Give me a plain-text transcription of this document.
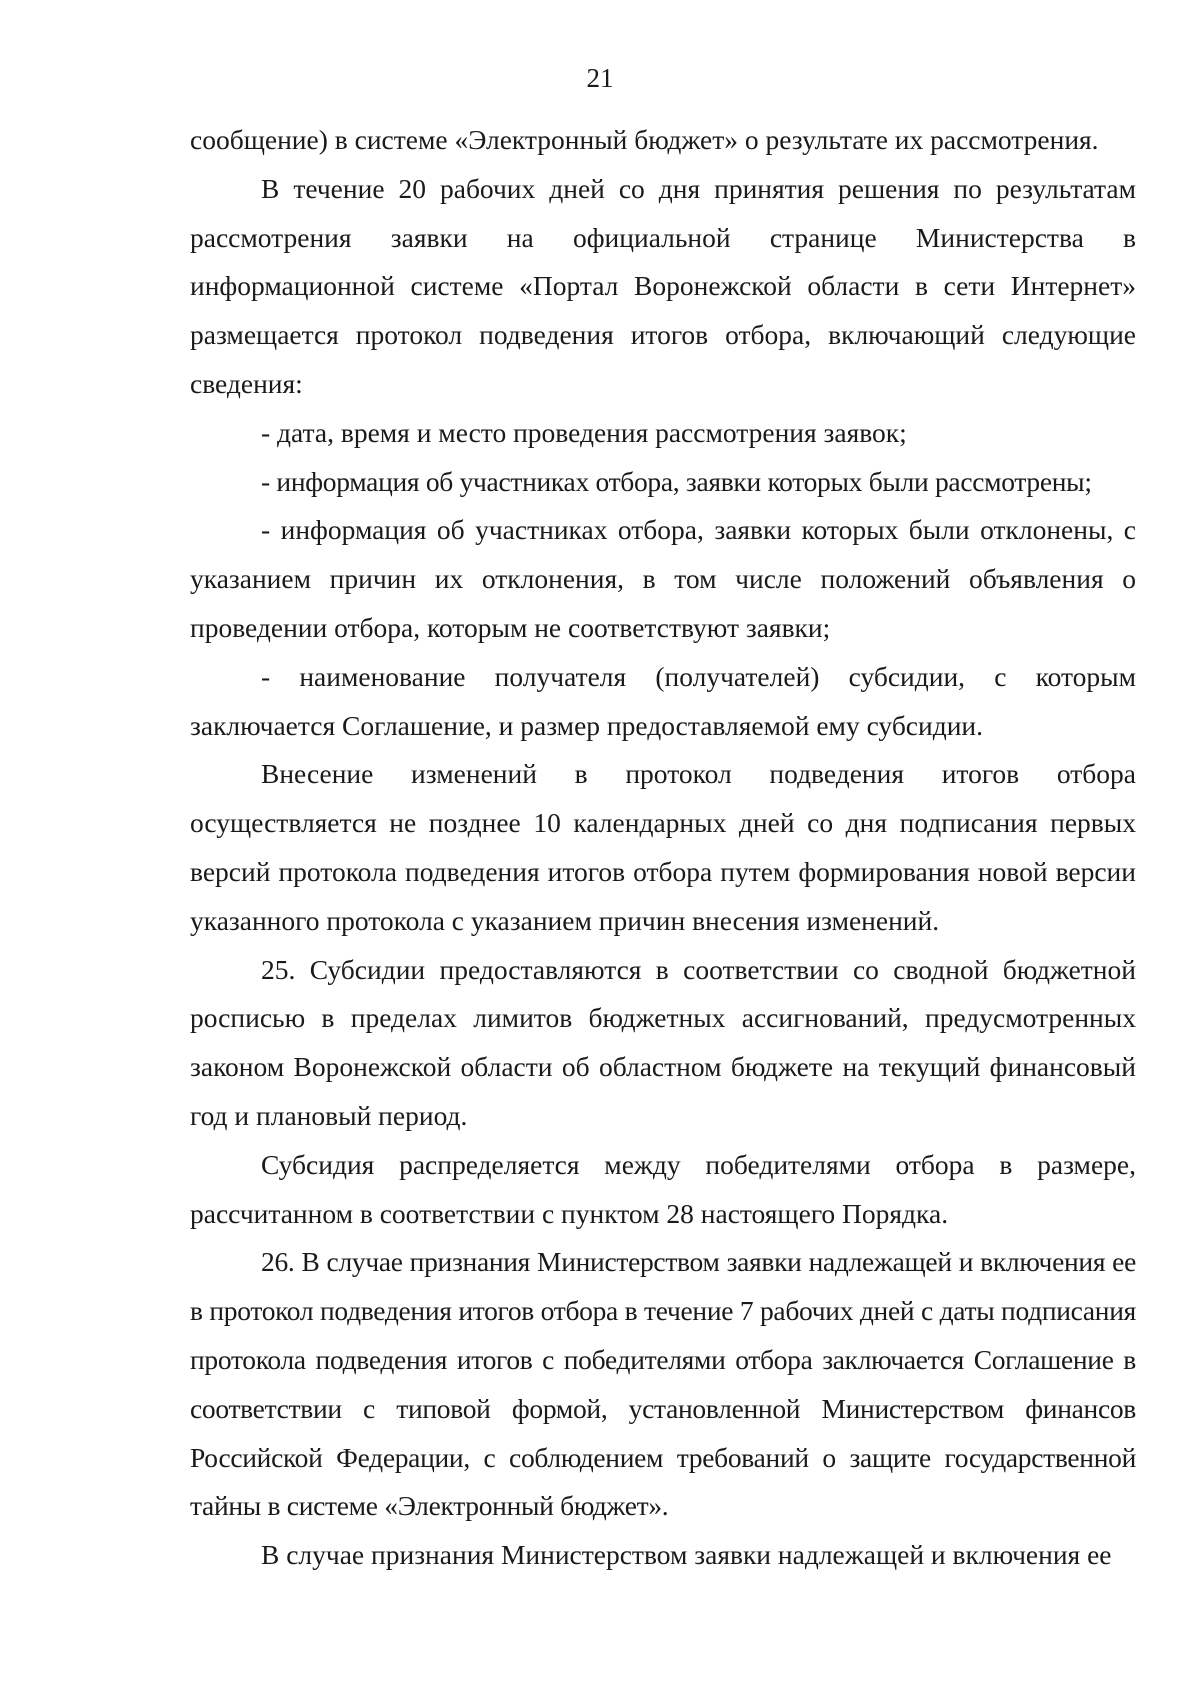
21

сообщение) в системе «Электронный бюджет» о результате их рассмотрения.

В течение 20 рабочих дней со дня принятия решения по результатам рассмотрения заявки на официальной странице Министерства в информационной системе «Портал Воронежской области в сети Интернет» размещается протокол подведения итогов отбора, включающий следующие сведения:

- дата, время и место проведения рассмотрения заявок;

- информация об участниках отбора, заявки которых были рассмотрены;

- информация об участниках отбора, заявки которых были отклонены, с указанием причин их отклонения, в том числе положений объявления о проведении отбора, которым не соответствуют заявки;

- наименование получателя (получателей) субсидии, с которым заключается Соглашение, и размер предоставляемой ему субсидии.

Внесение изменений в протокол подведения итогов отбора осуществляется не позднее 10 календарных дней со дня подписания первых версий протокола подведения итогов отбора путем формирования новой версии указанного протокола с указанием причин внесения изменений.

25. Субсидии предоставляются в соответствии со сводной бюджетной росписью в пределах лимитов бюджетных ассигнований, предусмотренных законом Воронежской области об областном бюджете на текущий финансовый год и плановый период.

Субсидия распределяется между победителями отбора в размере, рассчитанном в соответствии с пунктом 28 настоящего Порядка.

26. В случае признания Министерством заявки надлежащей и включения ее в протокол подведения итогов отбора в течение 7 рабочих дней с даты подписания протокола подведения итогов с победителями отбора заключается Соглашение в соответствии с типовой формой, установленной Министерством финансов Российской Федерации, с соблюдением требований о защите государственной тайны в системе «Электронный бюджет».

В случае признания Министерством заявки надлежащей и включения ее
